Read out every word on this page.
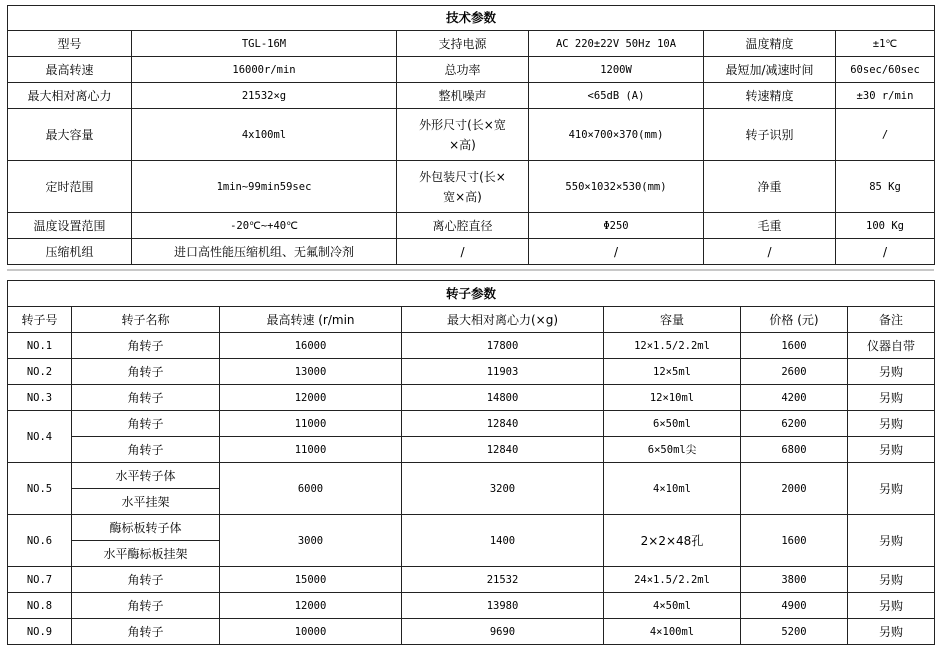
技术参数					
型号	TGL-16M	支持电源	AC 220±22V 50Hz 10A	温度精度	±1℃
最高转速	16000r/min	总功率	1200W	最短加/减速时间	60sec/60sec
最大相对离心力	21532×g	整机噪声	<65dB (A)	转速精度	±30 r/min
最大容量	4x100ml	外形尺寸(长×宽×高)	410×700×370(mm)	转子识别	/
定时范围	1min~99min59sec	外包装尺寸(长×宽×高)	550×1032×530(mm)	净重	85 Kg
温度设置范围	-20℃~+40℃	离心腔直径	Φ250	毛重	100 Kg
压缩机组	进口高性能压缩机组、无氟制冷剂	/	/	/	/
转子参数						
转子号	转子名称	最高转速 (r/min	最大相对离心力(×g)	容量	价格 (元)	备注
NO.1	角转子	16000	17800	12×1.5/2.2ml	1600	仪器自带
NO.2	角转子	13000	11903	12×5ml	2600	另购
NO.3	角转子	12000	14800	12×10ml	4200	另购
NO.4	角转子	11000	12840	6×50ml	6200	另购
	角转子	11000	12840	6×50ml尖	6800	另购
NO.5	水平转子体	6000	3200	4×10ml	2000	另购
	水平挂架					
NO.6	酶标板转子体	3000	1400	2×2×48孔	1600	另购
	水平酶标板挂架					
NO.7	角转子	15000	21532	24×1.5/2.2ml	3800	另购
NO.8	角转子	12000	13980	4×50ml	4900	另购
NO.9	角转子	10000	9690	4×100ml	5200	另购
